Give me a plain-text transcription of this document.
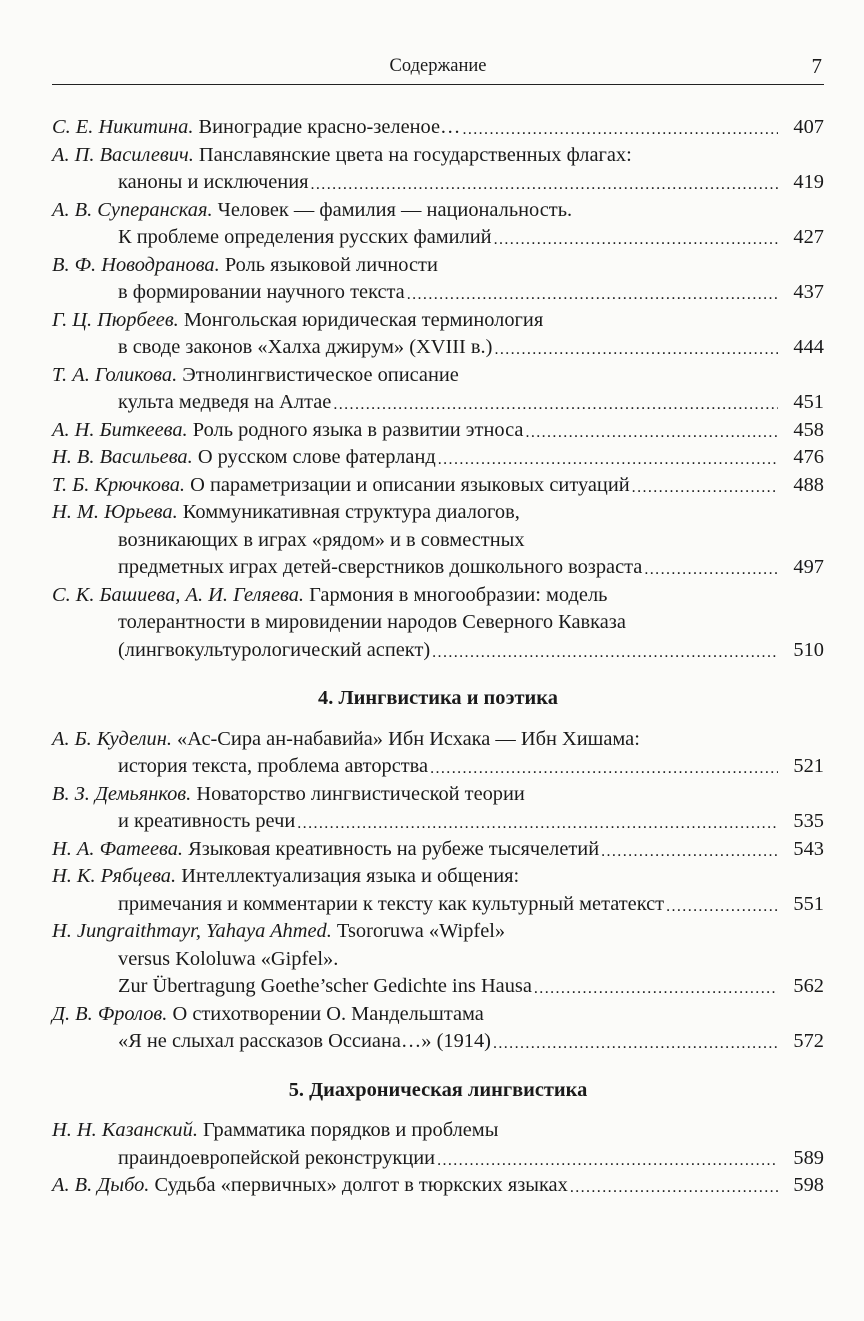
Содержание	7
С. Е. Никитина.
Виноградие красно-зеленое… .....	407
А. П. Василевич.
Панславянские цвета на государственных флагах:
каноны и исключения .....	419
А. В. Суперанская.
Человек — фамилия — национальность.
К проблеме определения русских фамилий .....	427
В. Ф. Новодранова.
Роль языковой личности
в формировании научного текста .....	437
Г. Ц. Пюрбеев.
Монгольская юридическая терминология
в своде законов «Халха джирум» (XVIII в.) .....	444
Т. А. Голикова.
Этнолингвистическое описание
культа медведя на Алтае .....	451
А. Н. Биткеева.
Роль родного языка в развитии этноса .....	458
Н. В. Васильева.
О русском слове фатерланд .....	476
Т. Б. Крючкова.
О параметризации и описании языковых ситуаций .....	488
Н. М. Юрьева.
Коммуникативная структура диалогов,
возникающих в играх «рядом» и в совместных
предметных играх детей-сверстников дошкольного возраста .....	497
С. К. Башиева, А. И. Геляева.
Гармония в многообразии: модель
толерантности в мировидении народов Северного Кавказа
(лингвокультурологический аспект) .....	510
4. Лингвистика и поэтика
А. Б. Куделин.
«Ас-Сира ан-набавийа» Ибн Исхака — Ибн Хишама:
история текста, проблема авторства .....	521
В. З. Демьянков.
Новаторство лингвистической теории
и креативность речи .....	535
Н. А. Фатеева.
Языковая креативность на рубеже тысячелетий .....	543
Н. К. Рябцева.
Интеллектуализация языка и общения:
примечания и комментарии к тексту как культурный метатекст .....	551
H. Jungraithmayr, Yahaya Ahmed.
Tsororuwa «Wipfel»
versus Kololuwa «Gipfel».
Zur Übertragung Goethe’scher Gedichte ins Hausa .....	562
Д. В. Фролов.
О стихотворении О. Мандельштама
«Я не слыхал рассказов Оссиана…» (1914) .....	572
5. Диахроническая лингвистика
Н. Н. Казанский.
Грамматика порядков и проблемы
праиндоевропейской реконструкции .....	589
А. В. Дыбо.
Судьба «первичных» долгот в тюркских языках .....	598
